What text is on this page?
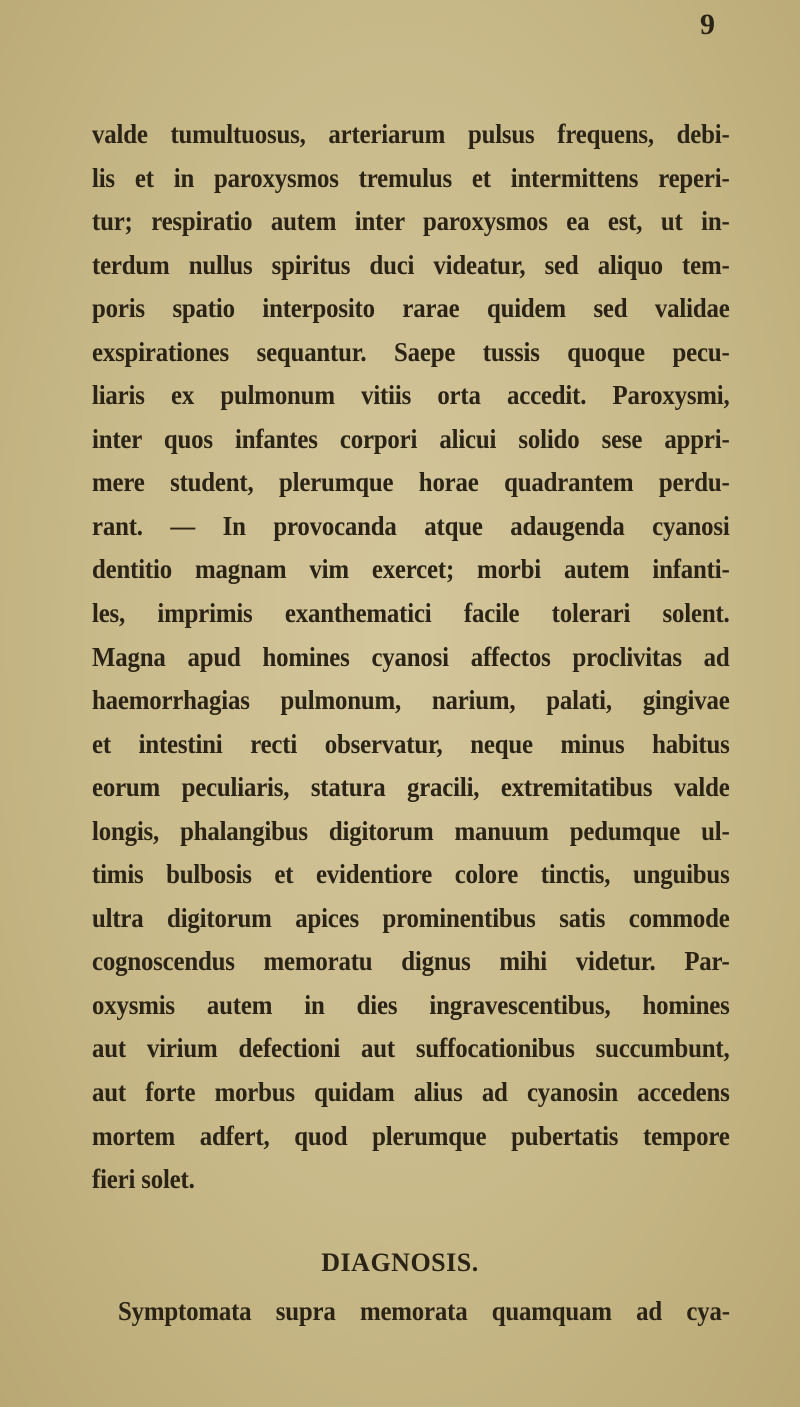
9
valde tumultuosus, arteriarum pulsus frequens, debi-
lis et in paroxysmos tremulus et intermittens reperi-
tur; respiratio autem inter paroxysmos ea est, ut in-
terdum nullus spiritus duci videatur, sed aliquo tem-
poris spatio interposito rarae quidem sed validae
exspirationes sequantur. Saepe tussis quoque pecu-
liaris ex pulmonum vitiis orta accedit. Paroxysmi,
inter quos infantes corpori alicui solido sese appri-
mere student, plerumque horae quadrantem perdu-
rant. — In provocanda atque adaugenda cyanosi
dentitio magnam vim exercet; morbi autem infanti-
les, imprimis exanthematici facile tolerari solent.
Magna apud homines cyanosi affectos proclivitas ad
haemorrhagias pulmonum, narium, palati, gingivae
et intestini recti observatur, neque minus habitus
eorum peculiaris, statura gracili, extremitatibus valde
longis, phalangibus digitorum manuum pedumque ul-
timis bulbosis et evidentiore colore tinctis, unguibus
ultra digitorum apices prominentibus satis commode
cognoscendus memoratu dignus mihi videtur. Par-
oxysmis autem in dies ingravescentibus, homines
aut virium defectioni aut suffocationibus succumbunt,
aut forte morbus quidam alius ad cyanosin accedens
mortem adfert, quod plerumque pubertatis tempore
fieri solet.
DIAGNOSIS.
Symptomata supra memorata quamquam ad cya-
